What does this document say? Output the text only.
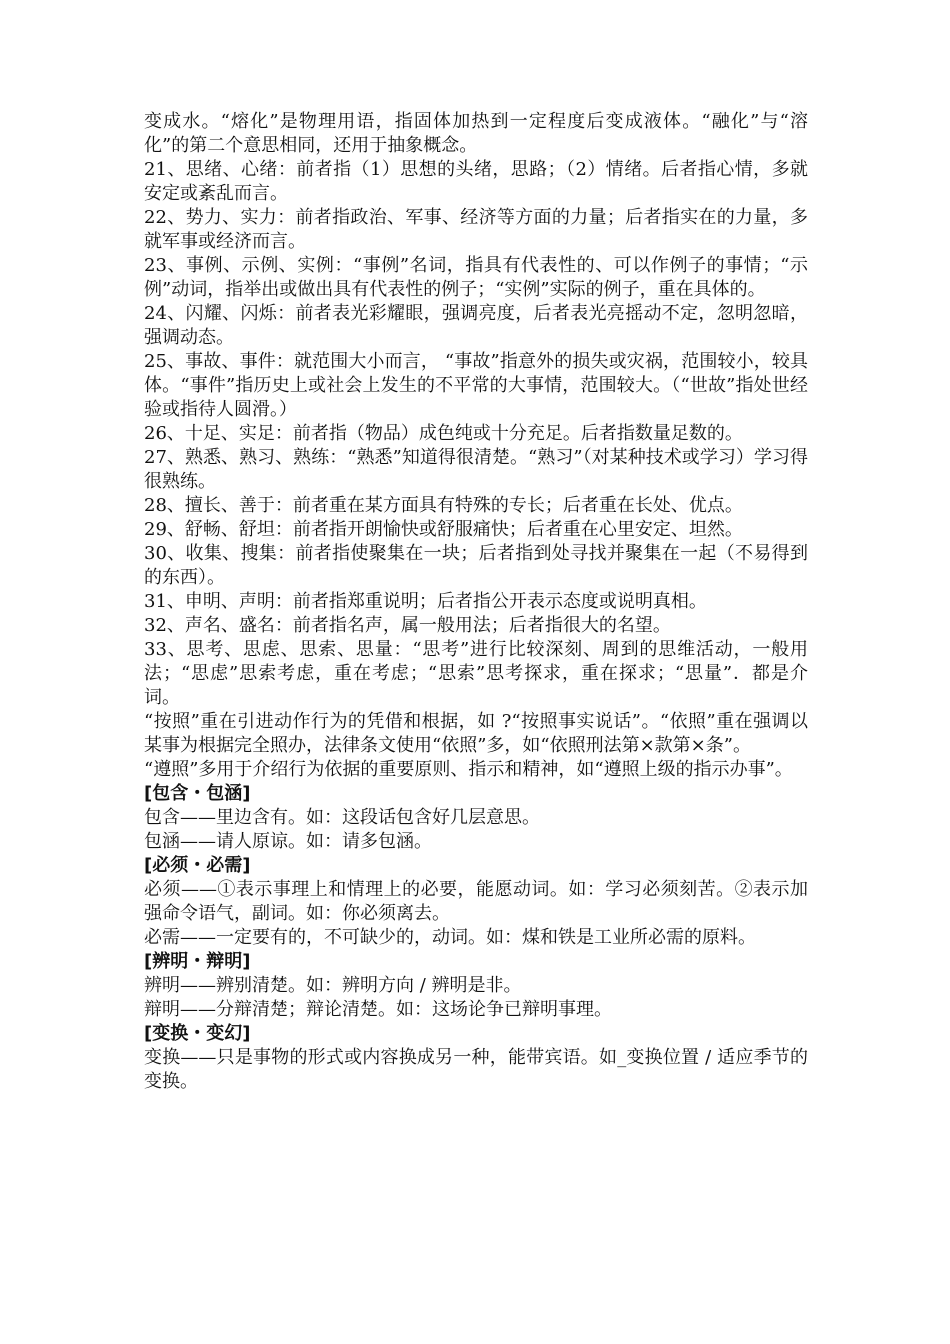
变成水。“熔化”是物理用语，指固体加热到一定程度后变成液体。“融化”与“溶化”的第二个意思相同，还用于抽象概念。

21、思绪、心绪：前者指（1）思想的头绪，思路；（2）情绪。后者指心情，多就安定或紊乱而言。

22、势力、实力：前者指政治、军事、经济等方面的力量；后者指实在的力量，多就军事或经济而言。

23、事例、示例、实例：“事例”名词，指具有代表性的、可以作例子的事情；“示例”动词，指举出或做出具有代表性的例子；“实例”实际的例子，重在具体的。

24、闪耀、闪烁：前者表光彩耀眼，强调亮度，后者表光亮摇动不定，忽明忽暗，强调动态。

25、事故、事件：就范围大小而言， “事故”指意外的损失或灾祸，范围较小，较具体。“事件”指历史上或社会上发生的不平常的大事情，范围较大。（“世故”指处世经验或指待人圆滑。）

26、十足、实足：前者指（物品）成色纯或十分充足。后者指数量足数的。

27、熟悉、熟习、熟练：“熟悉”知道得很清楚。“熟习”（对某种技术或学习）学习得很熟练。

28、擅长、善于：前者重在某方面具有特殊的专长；后者重在长处、优点。

29、舒畅、舒坦：前者指开朗愉快或舒服痛快；后者重在心里安定、坦然。

30、收集、搜集：前者指使聚集在一块；后者指到处寻找并聚集在一起（不易得到的东西）。

31、申明、声明：前者指郑重说明；后者指公开表示态度或说明真相。

32、声名、盛名：前者指名声，属一般用法；后者指很大的名望。

33、思考、思虑、思索、思量：“思考”进行比较深刻、周到的思维活动，一般用法；“思虑”思索考虑，重在考虑；“思索”思考探求，重在探求；“思量”．都是介词。

“按照”重在引进动作行为的凭借和根据，如 ?“按照事实说话”。“依照”重在强调以某事为根据完全照办，法律条文使用“依照”多，如“依照刑法第×款第×条”。

“遵照”多用于介绍行为依据的重要原则、指示和精神，如“遵照上级的指示办事”。

[包含・包涵]

包含——里边含有。如：这段话包含好几层意思。

包涵——请人原谅。如：请多包涵。

[必须・必需]

必须——①表示事理上和情理上的必要，能愿动词。如：学习必须刻苦。②表示加强命令语气，副词。如：你必须离去。

必需——一定要有的，不可缺少的，动词。如：煤和铁是工业所必需的原料。

[辨明・辩明]

辨明——辨别清楚。如：辨明方向 / 辨明是非。

辩明——分辩清楚；辩论清楚。如：这场论争已辩明事理。

[变换・变幻]

变换——只是事物的形式或内容换成另一种，能带宾语。如_变换位置 / 适应季节的变换。
